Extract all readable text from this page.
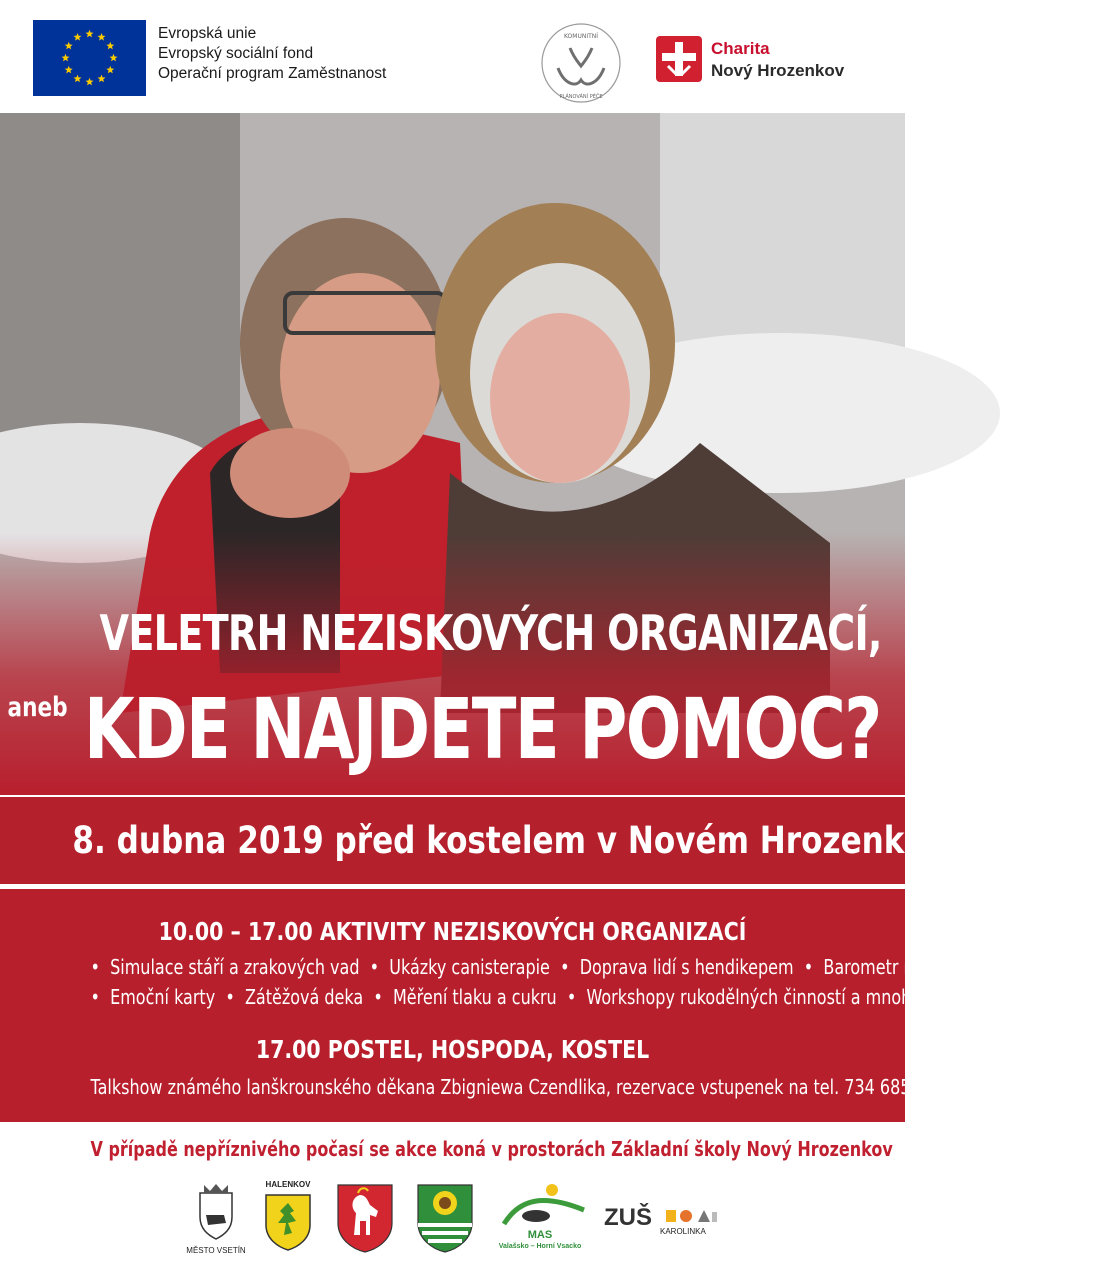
Evropská unie
Evropský sociální fond
Operační program Zaměstnanost
KOMUNITNÍ
PLÁNOVÁNÍ PÉČE
Charita
Nový Hrozenkov
VELETRH NEZISKOVÝCH ORGANIZACÍ,
aneb KDE NAJDETE POMOC?
8. dubna 2019 před kostelem v Novém Hrozenkově
10.00 – 17.00 AKTIVITY NEZISKOVÝCH ORGANIZACÍ
• Simulace stáří a zrakových vad • Ukázky canisterapie • Doprava lidí s hendikepem • Barometr nálady
• Emoční karty • Zátěžová deka • Měření tlaku a cukru • Workshopy rukodělných činností a mnohé jiné
17.00 POSTEL, HOSPODA, KOSTEL
Talkshow známého lanškrounského děkana Zbigniewa Czendlika, rezervace vstupenek na tel. 734 685 464
V případě nepříznivého počasí se akce koná v prostorách Základní školy Nový Hrozenkov
MĚSTO VSETÍN
HALENKOV
MAS
Valašsko – Horní Vsacko
ZUŠ
KAROLINKA
